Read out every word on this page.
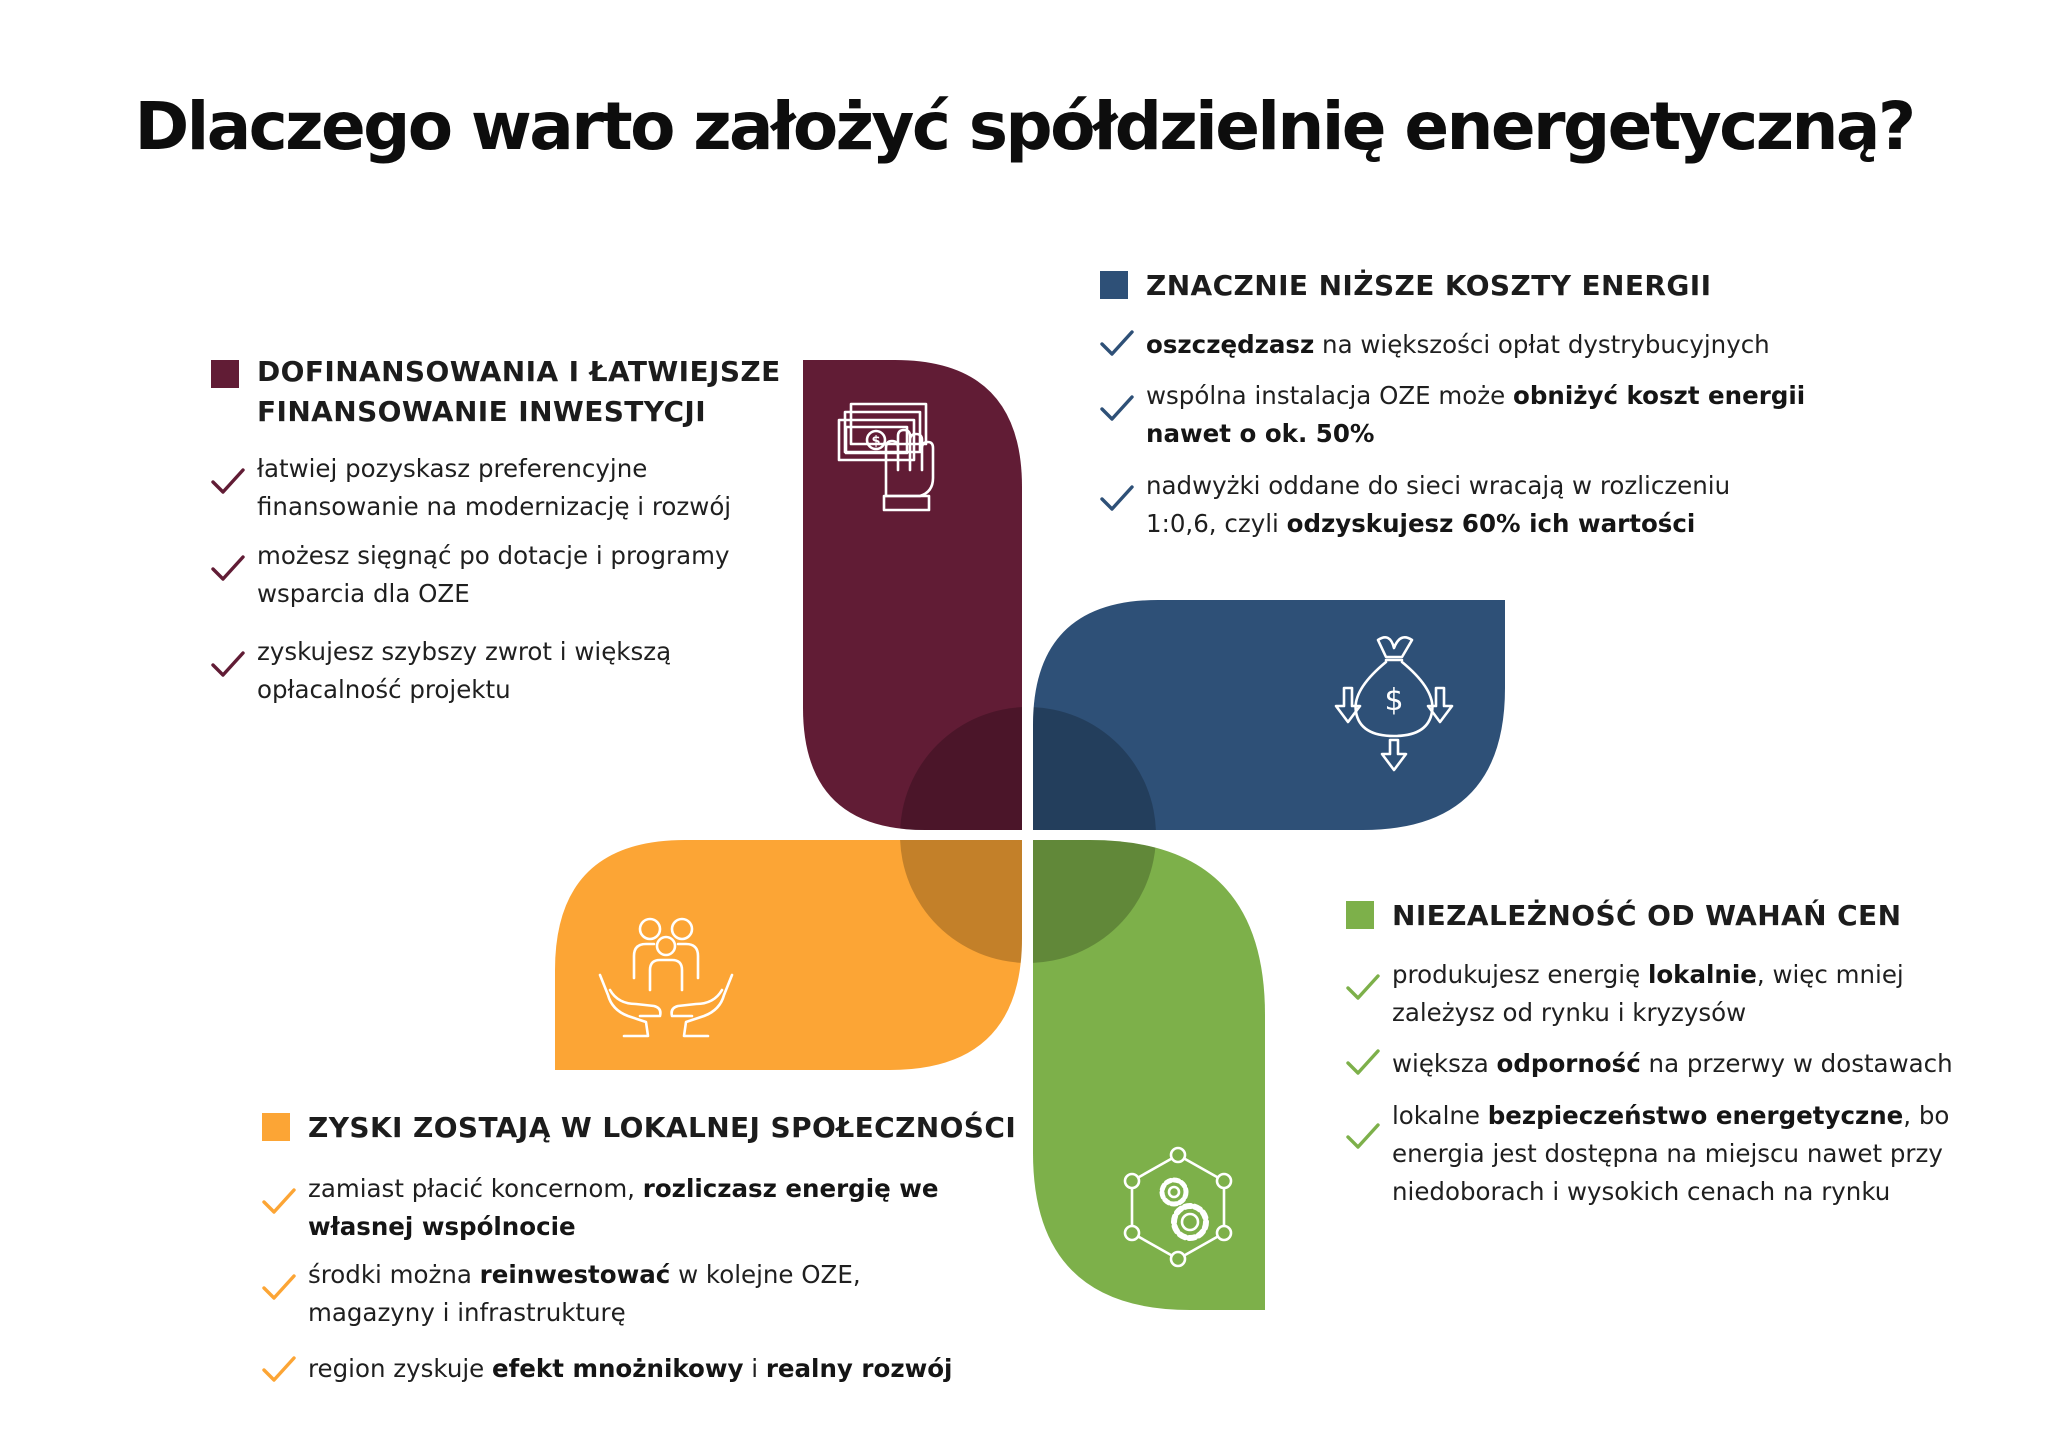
Dlaczego warto założyć spółdzielnię energetyczną?
$
$
DOFINANSOWANIA I ŁATWIEJSZE
FINANSOWANIE INWESTYCJI
łatwiej pozyskasz preferencyjne
finansowanie na modernizację i rozwój
możesz sięgnąć po dotacje i programy
wsparcia dla OZE
zyskujesz szybszy zwrot i większą
opłacalność projektu
ZNACZNIE NIŻSZE KOSZTY ENERGII
oszczędzasz na większości opłat dystrybucyjnych
wspólna instalacja OZE może obniżyć koszt energii
nawet o ok. 50%
nadwyżki oddane do sieci wracają w rozliczeniu
1:0,6, czyli odzyskujesz 60% ich wartości
NIEZALEŻNOŚĆ OD WAHAŃ CEN
produkujesz energię lokalnie, więc mniej
zależysz od rynku i kryzysów
większa odporność na przerwy w dostawach
lokalne bezpieczeństwo energetyczne, bo
energia jest dostępna na miejscu nawet przy
niedoborach i wysokich cenach na rynku
ZYSKI ZOSTAJĄ W LOKALNEJ SPOŁECZNOŚCI
zamiast płacić koncernom, rozliczasz energię we
własnej wspólnocie
środki można reinwestować w kolejne OZE,
magazyny i infrastrukturę
region zyskuje efekt mnożnikowy i realny rozwój
